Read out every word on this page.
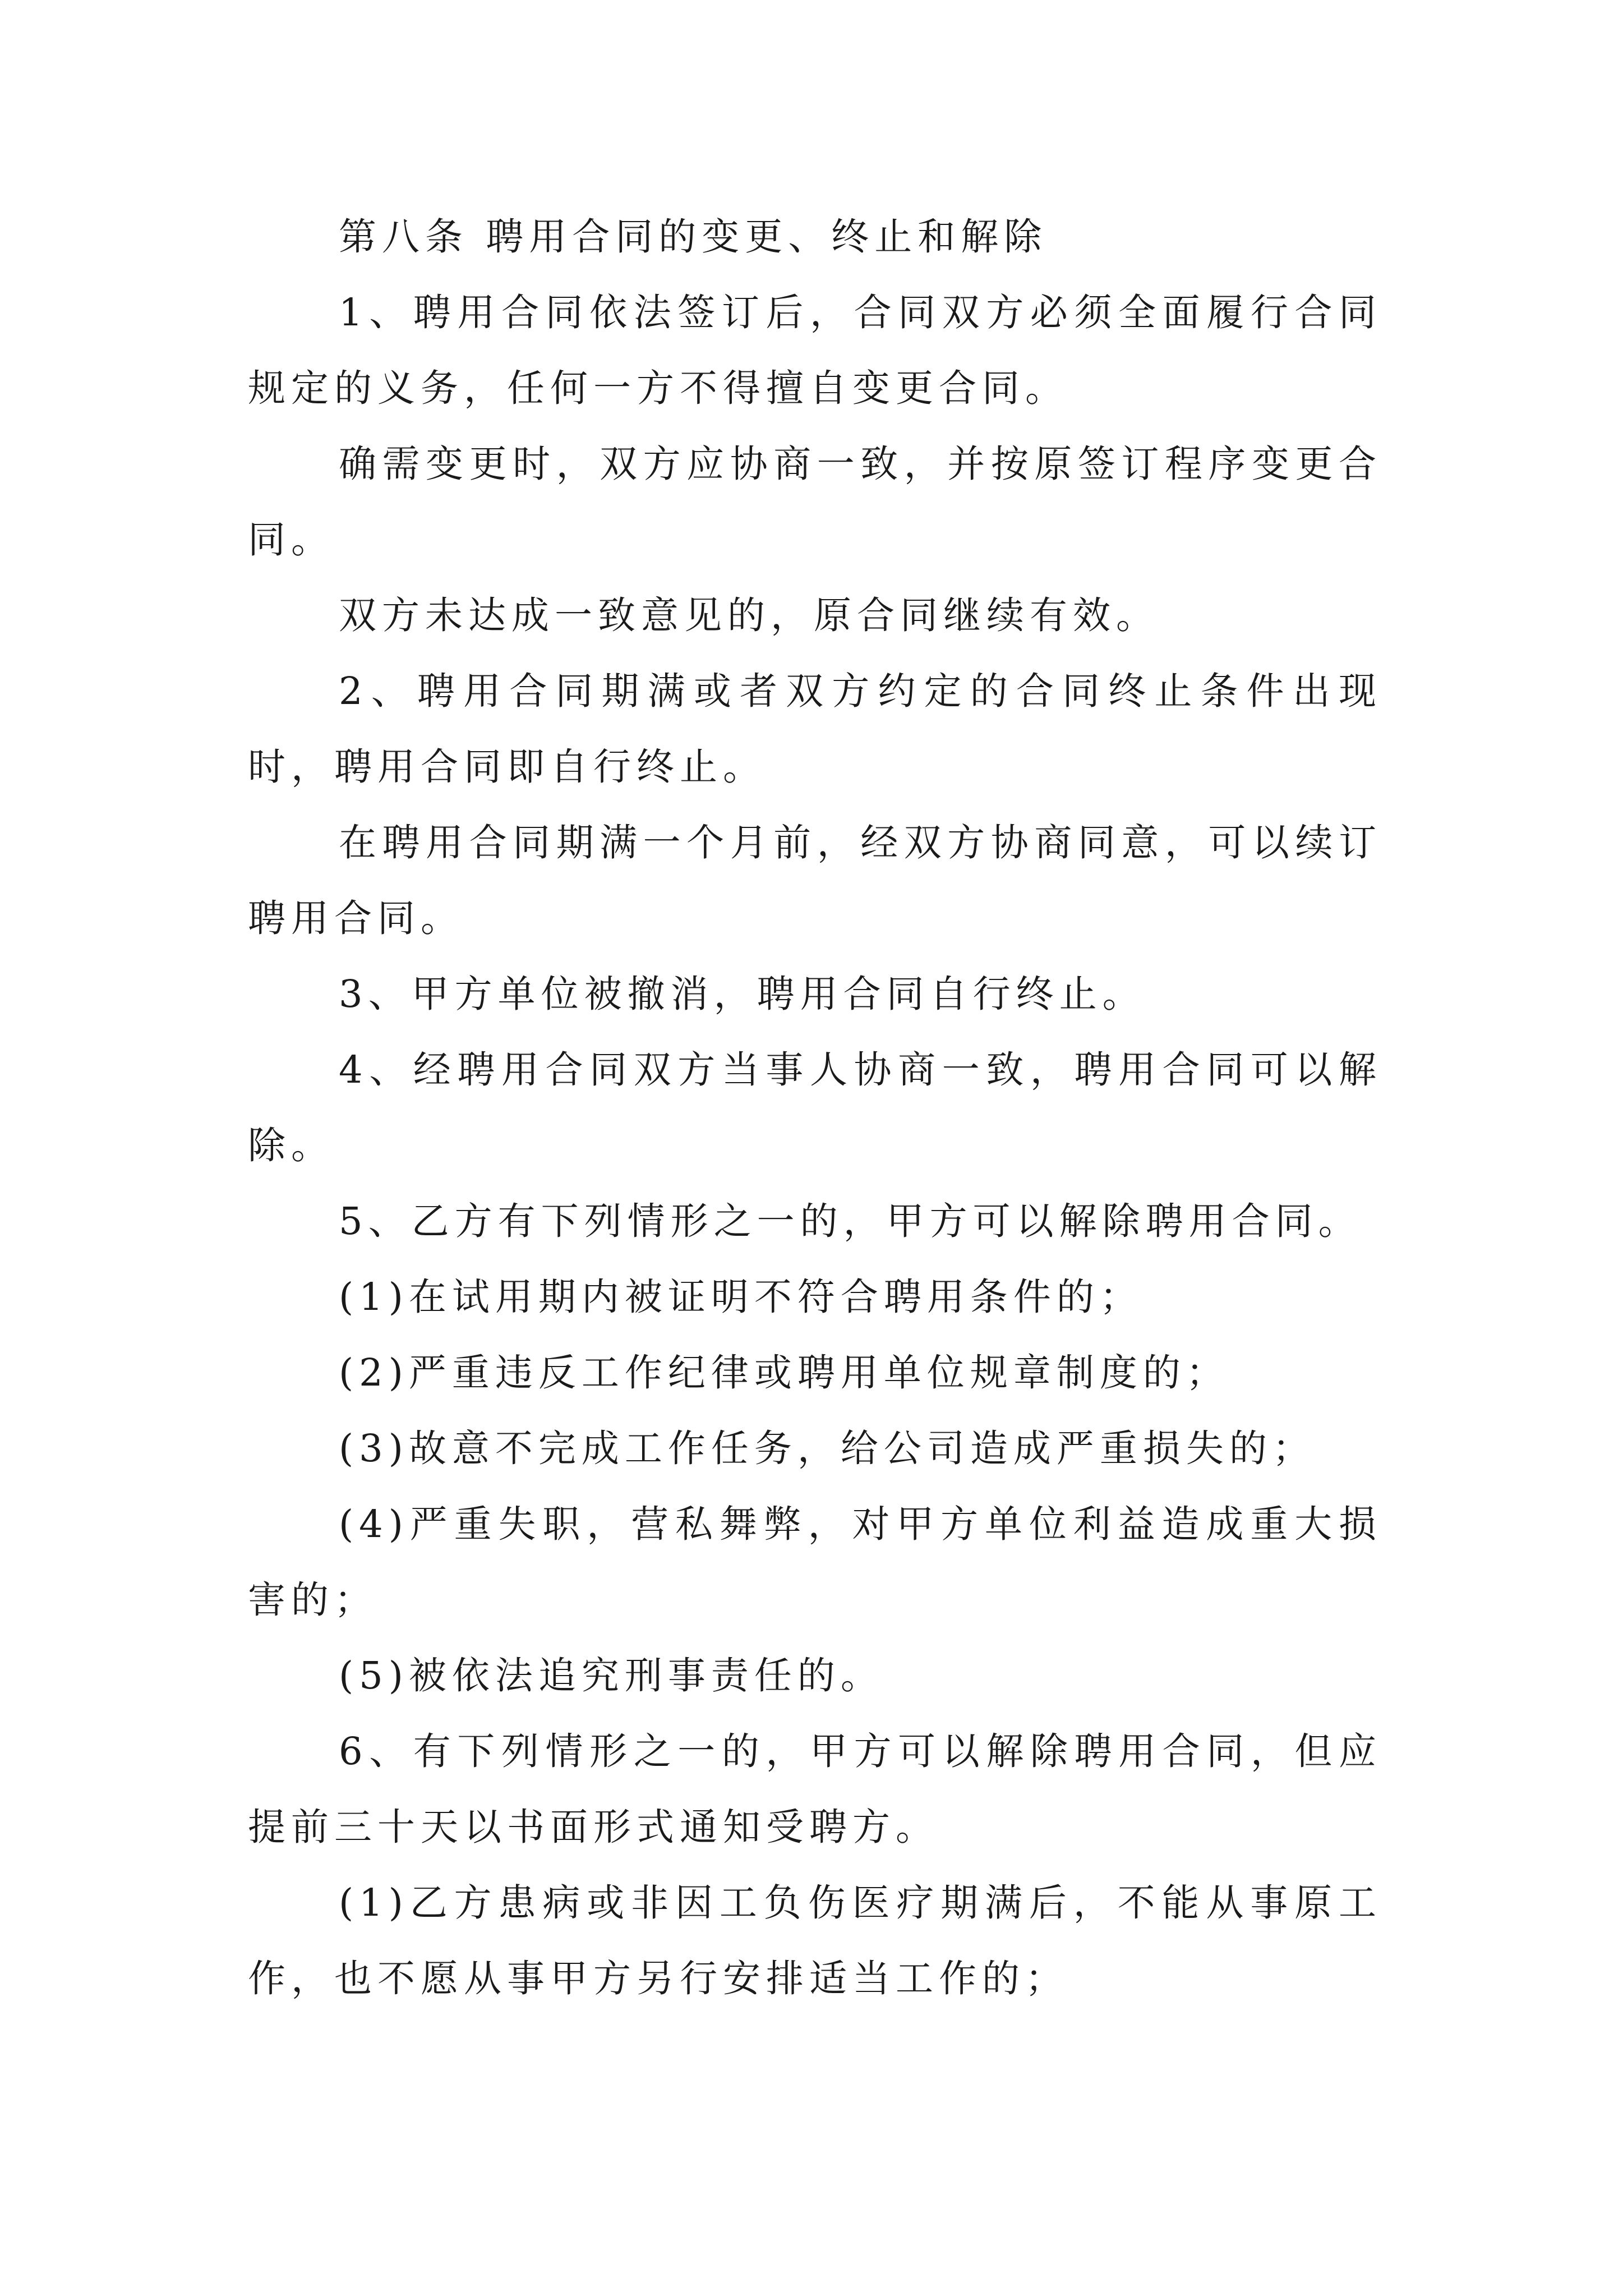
第八条 聘用合同的变更、终止和解除

1、聘用合同依法签订后，合同双方必须全面履行合同规定的义务，任何一方不得擅自变更合同。

确需变更时，双方应协商一致，并按原签订程序变更合同。

双方未达成一致意见的，原合同继续有效。

2、聘用合同期满或者双方约定的合同终止条件出现时，聘用合同即自行终止。

在聘用合同期满一个月前，经双方协商同意，可以续订聘用合同。

3、甲方单位被撤消，聘用合同自行终止。

4、经聘用合同双方当事人协商一致，聘用合同可以解除。

5、乙方有下列情形之一的，甲方可以解除聘用合同。

(1)在试用期内被证明不符合聘用条件的；

(2)严重违反工作纪律或聘用单位规章制度的；

(3)故意不完成工作任务，给公司造成严重损失的；

(4)严重失职，营私舞弊，对甲方单位利益造成重大损害的；

(5)被依法追究刑事责任的。

6、有下列情形之一的，甲方可以解除聘用合同，但应提前三十天以书面形式通知受聘方。

(1)乙方患病或非因工负伤医疗期满后，不能从事原工作，也不愿从事甲方另行安排适当工作的；
